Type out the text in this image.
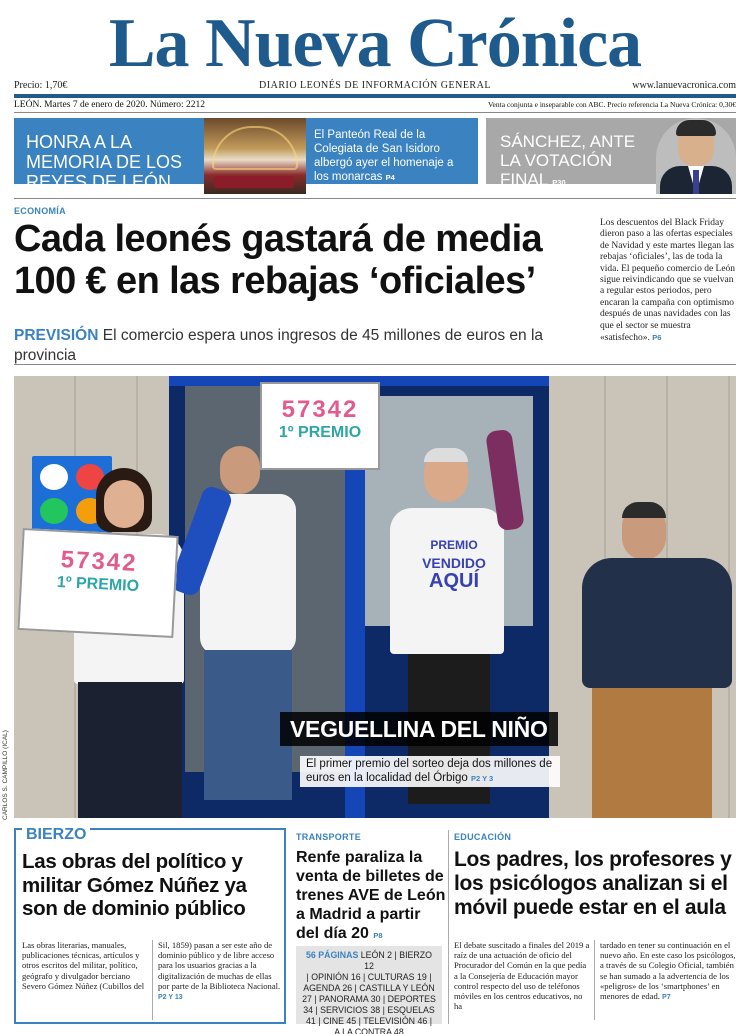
La Nueva Crónica
Precio: 1,70€	DIARIO LEONÉS DE INFORMACIÓN GENERAL	www.lanuevacronica.com
LEÓN. Martes 7 de enero de 2020. Número: 2212	Venta conjunta e inseparable con ABC. Precio referencia La Nueva Crónica: 0,30€
HONRA A LA MEMORIA DE LOS REYES DE LEÓN
El Panteón Real de la Colegiata de San Isidoro albergó ayer el homenaje a los monarcas P4
SÁNCHEZ, ANTE LA VOTACIÓN FINAL P30
ECONOMÍA
Cada leonés gastará de media 100 € en las rebajas ‘oficiales’
PREVISIÓN El comercio espera unos ingresos de 45 millones de euros en la provincia
Los descuentos del Black Friday dieron paso a las ofertas especiales de Navidad y este martes llegan las rebajas ‘oficiales’, las de toda la vida. El pequeño comercio de León sigue reivindicando que se vuelvan a regular estos periodos, pero encaran la campaña con optimismo después de unas navidades con las que el sector se muestra «satisfecho». P6
57342
1º PREMIO
57342
1º PREMIO
PREMIO
VENDIDO
AQUÍ
VEGUELLINA DEL NIÑO
El primer premio del sorteo deja dos millones de euros en la localidad del Órbigo P2 Y 3
CARLOS S. CAMPILLO (ICAL)
BIERZO
Las obras del político y militar Gómez Núñez ya son de dominio público
Las obras literarias, manuales, publicaciones técnicas, artículos y otros escritos del militar, político, geógrafo y divulgador berciano Severo Gómez Núñez (Cubillos del
Sil, 1859) pasan a ser este año de dominio público y de libre acceso para los usuarios gracias a la digitalización de muchas de ellas por parte de la Biblioteca Nacional. P2 Y 13
TRANSPORTE
Renfe paraliza la venta de billetes de trenes AVE de León a Madrid a partir del día 20 P8
56 PÁGINAS LEÓN 2 | BIERZO 12
| OPINIÓN 16 | CULTURAS 19 |
AGENDA 26 | CASTILLA Y LEÓN
27 | PANORAMA 30 | DEPORTES
34 | SERVICIOS 38 | ESQUELAS
41 | CINE 45 | TELEVISIÓN 46 |
A LA CONTRA 48
EDUCACIÓN
Los padres, los profesores y los psicólogos analizan si el móvil puede estar en el aula
El debate suscitado a finales del 2019 a raíz de una actuación de oficio del Procurador del Común en la que pedía a la Consejería de Educación mayor control respecto del uso de teléfonos móviles en los centros educativos, no ha
tardado en tener su continuación en el nuevo año. En este caso los psicólogos, a través de su Colegio Oficial, también se han sumado a la advertencia de los «peligros» de los ‘smartphones’ en menores de edad. P7
